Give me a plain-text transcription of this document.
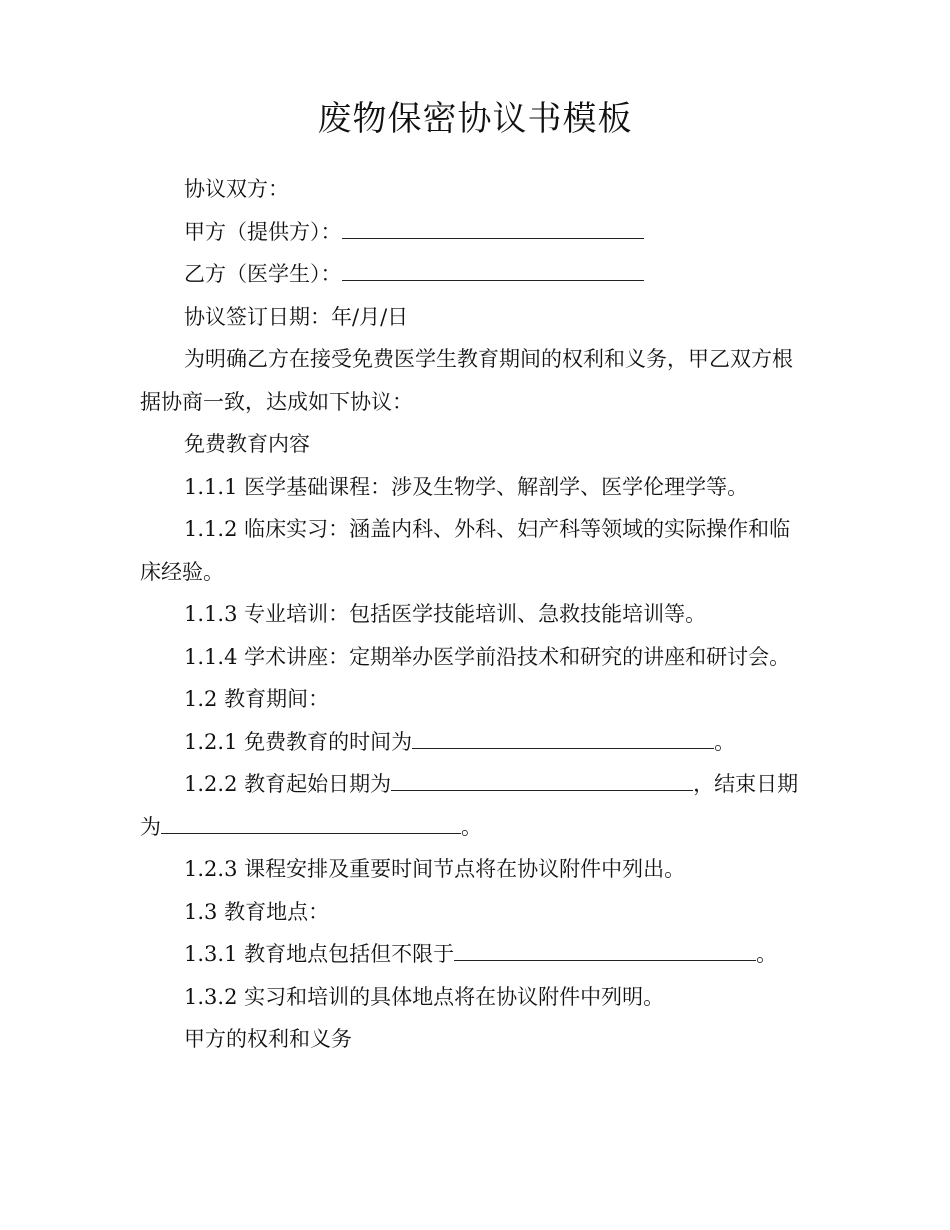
废物保密协议书模板

协议双方：

甲方（提供方）：

乙方（医学生）：

协议签订日期：年/月/日

为明确乙方在接受免费医学生教育期间的权利和义务，甲乙双方根据协商一致，达成如下协议：

免费教育内容

1.1.1 医学基础课程：涉及生物学、解剖学、医学伦理学等。

1.1.2 临床实习：涵盖内科、外科、妇产科等领域的实际操作和临床经验。

1.1.3 专业培训：包括医学技能培训、急救技能培训等。

1.1.4 学术讲座：定期举办医学前沿技术和研究的讲座和研讨会。

1.2 教育期间：

1.2.1 免费教育的时间为	。

1.2.2 教育起始日期为	，结束日期为	。

1.2.3 课程安排及重要时间节点将在协议附件中列出。

1.3 教育地点：

1.3.1 教育地点包括但不限于	。

1.3.2 实习和培训的具体地点将在协议附件中列明。

甲方的权利和义务
